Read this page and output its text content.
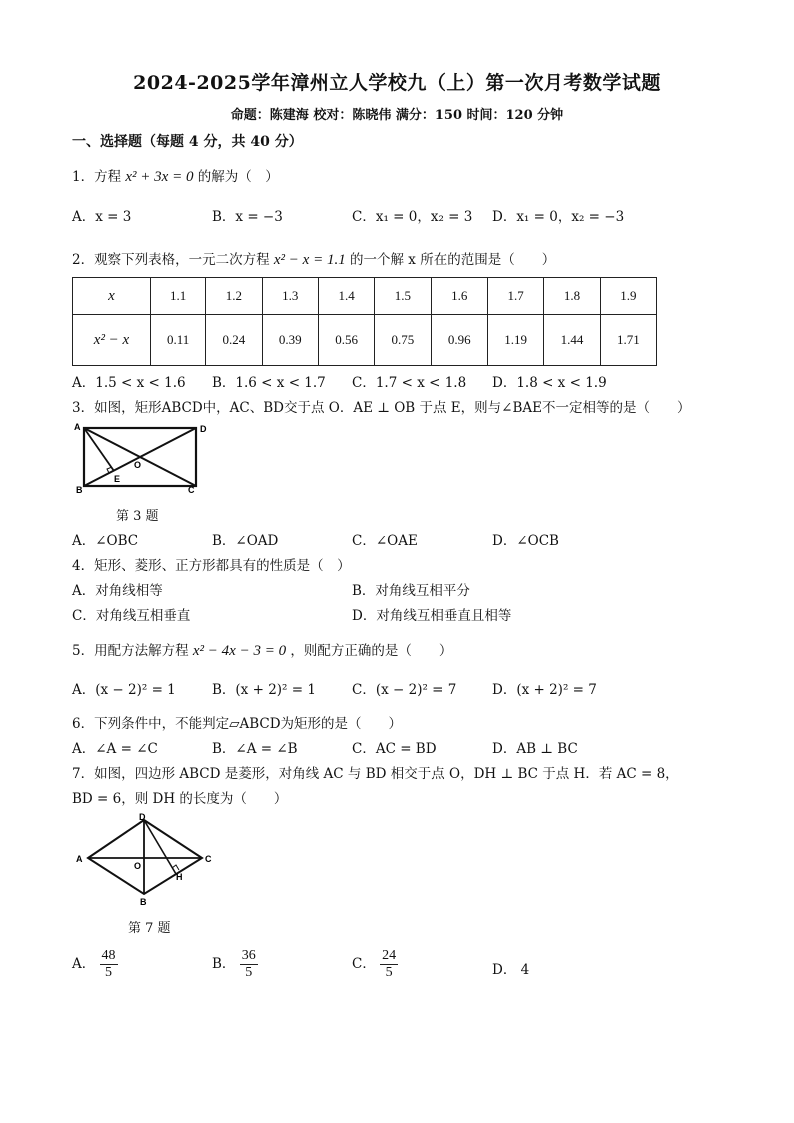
2024-2025学年漳州立人学校九（上）第一次月考数学试题
命题：陈建海 校对：陈晓伟 满分：150 时间：120 分钟
一、选择题（每题 4 分，共 40 分）
1．方程 x² + 3x = 0 的解为（　）
A．x = 3	B．x = −3	C．x₁ = 0，x₂ = 3 D．x₁ = 0，x₂ = −3
2．观察下列表格，一元二次方程 x² − x = 1.1 的一个解 x 所在的范围是（　　）
x	1.1	1.2	1.3	1.4	1.5	1.6	1.7	1.8	1.9
x² − x	0.11	0.24	0.39	0.56	0.75	0.96	1.19	1.44	1.71
A．1.5 < x < 1.6 B．1.6 < x < 1.7 C．1.7 < x < 1.8 D．1.8 < x < 1.9
3．如图，矩形ABCD中，AC、BD交于点 O．AE ⊥ OB 于点 E，则与∠BAE不一定相等的是（　　）
A	D
B	C
O
E
第 3 题
A．∠OBC	B．∠OAD	C．∠OAE	D．∠OCB
4．矩形、菱形、正方形都具有的性质是（　）
A．对角线相等	B．对角线互相平分
C．对角线互相垂直	D．对角线互相垂直且相等
5．用配方法解方程 x² − 4x − 3 = 0 ，则配方正确的是（　　）
A．(x − 2)² = 1	B．(x + 2)² = 1	C．(x − 2)² = 7	D．(x + 2)² = 7
6．下列条件中，不能判定▱ABCD为矩形的是（　　）
A．∠A = ∠C	B．∠A = ∠B	C．AC = BD	D．AB ⊥ BC
7．如图，四边形 ABCD 是菱形，对角线 AC 与 BD 相交于点 O，DH ⊥ BC 于点 H．若 AC = 8，
BD = 6，则 DH 的长度为（　　）
A
D
C
B
O
H
第 7 题
A． $\frac{48}{5}$	B． $\frac{36}{5}$	C． $\frac{24}{5}$	D． 4
